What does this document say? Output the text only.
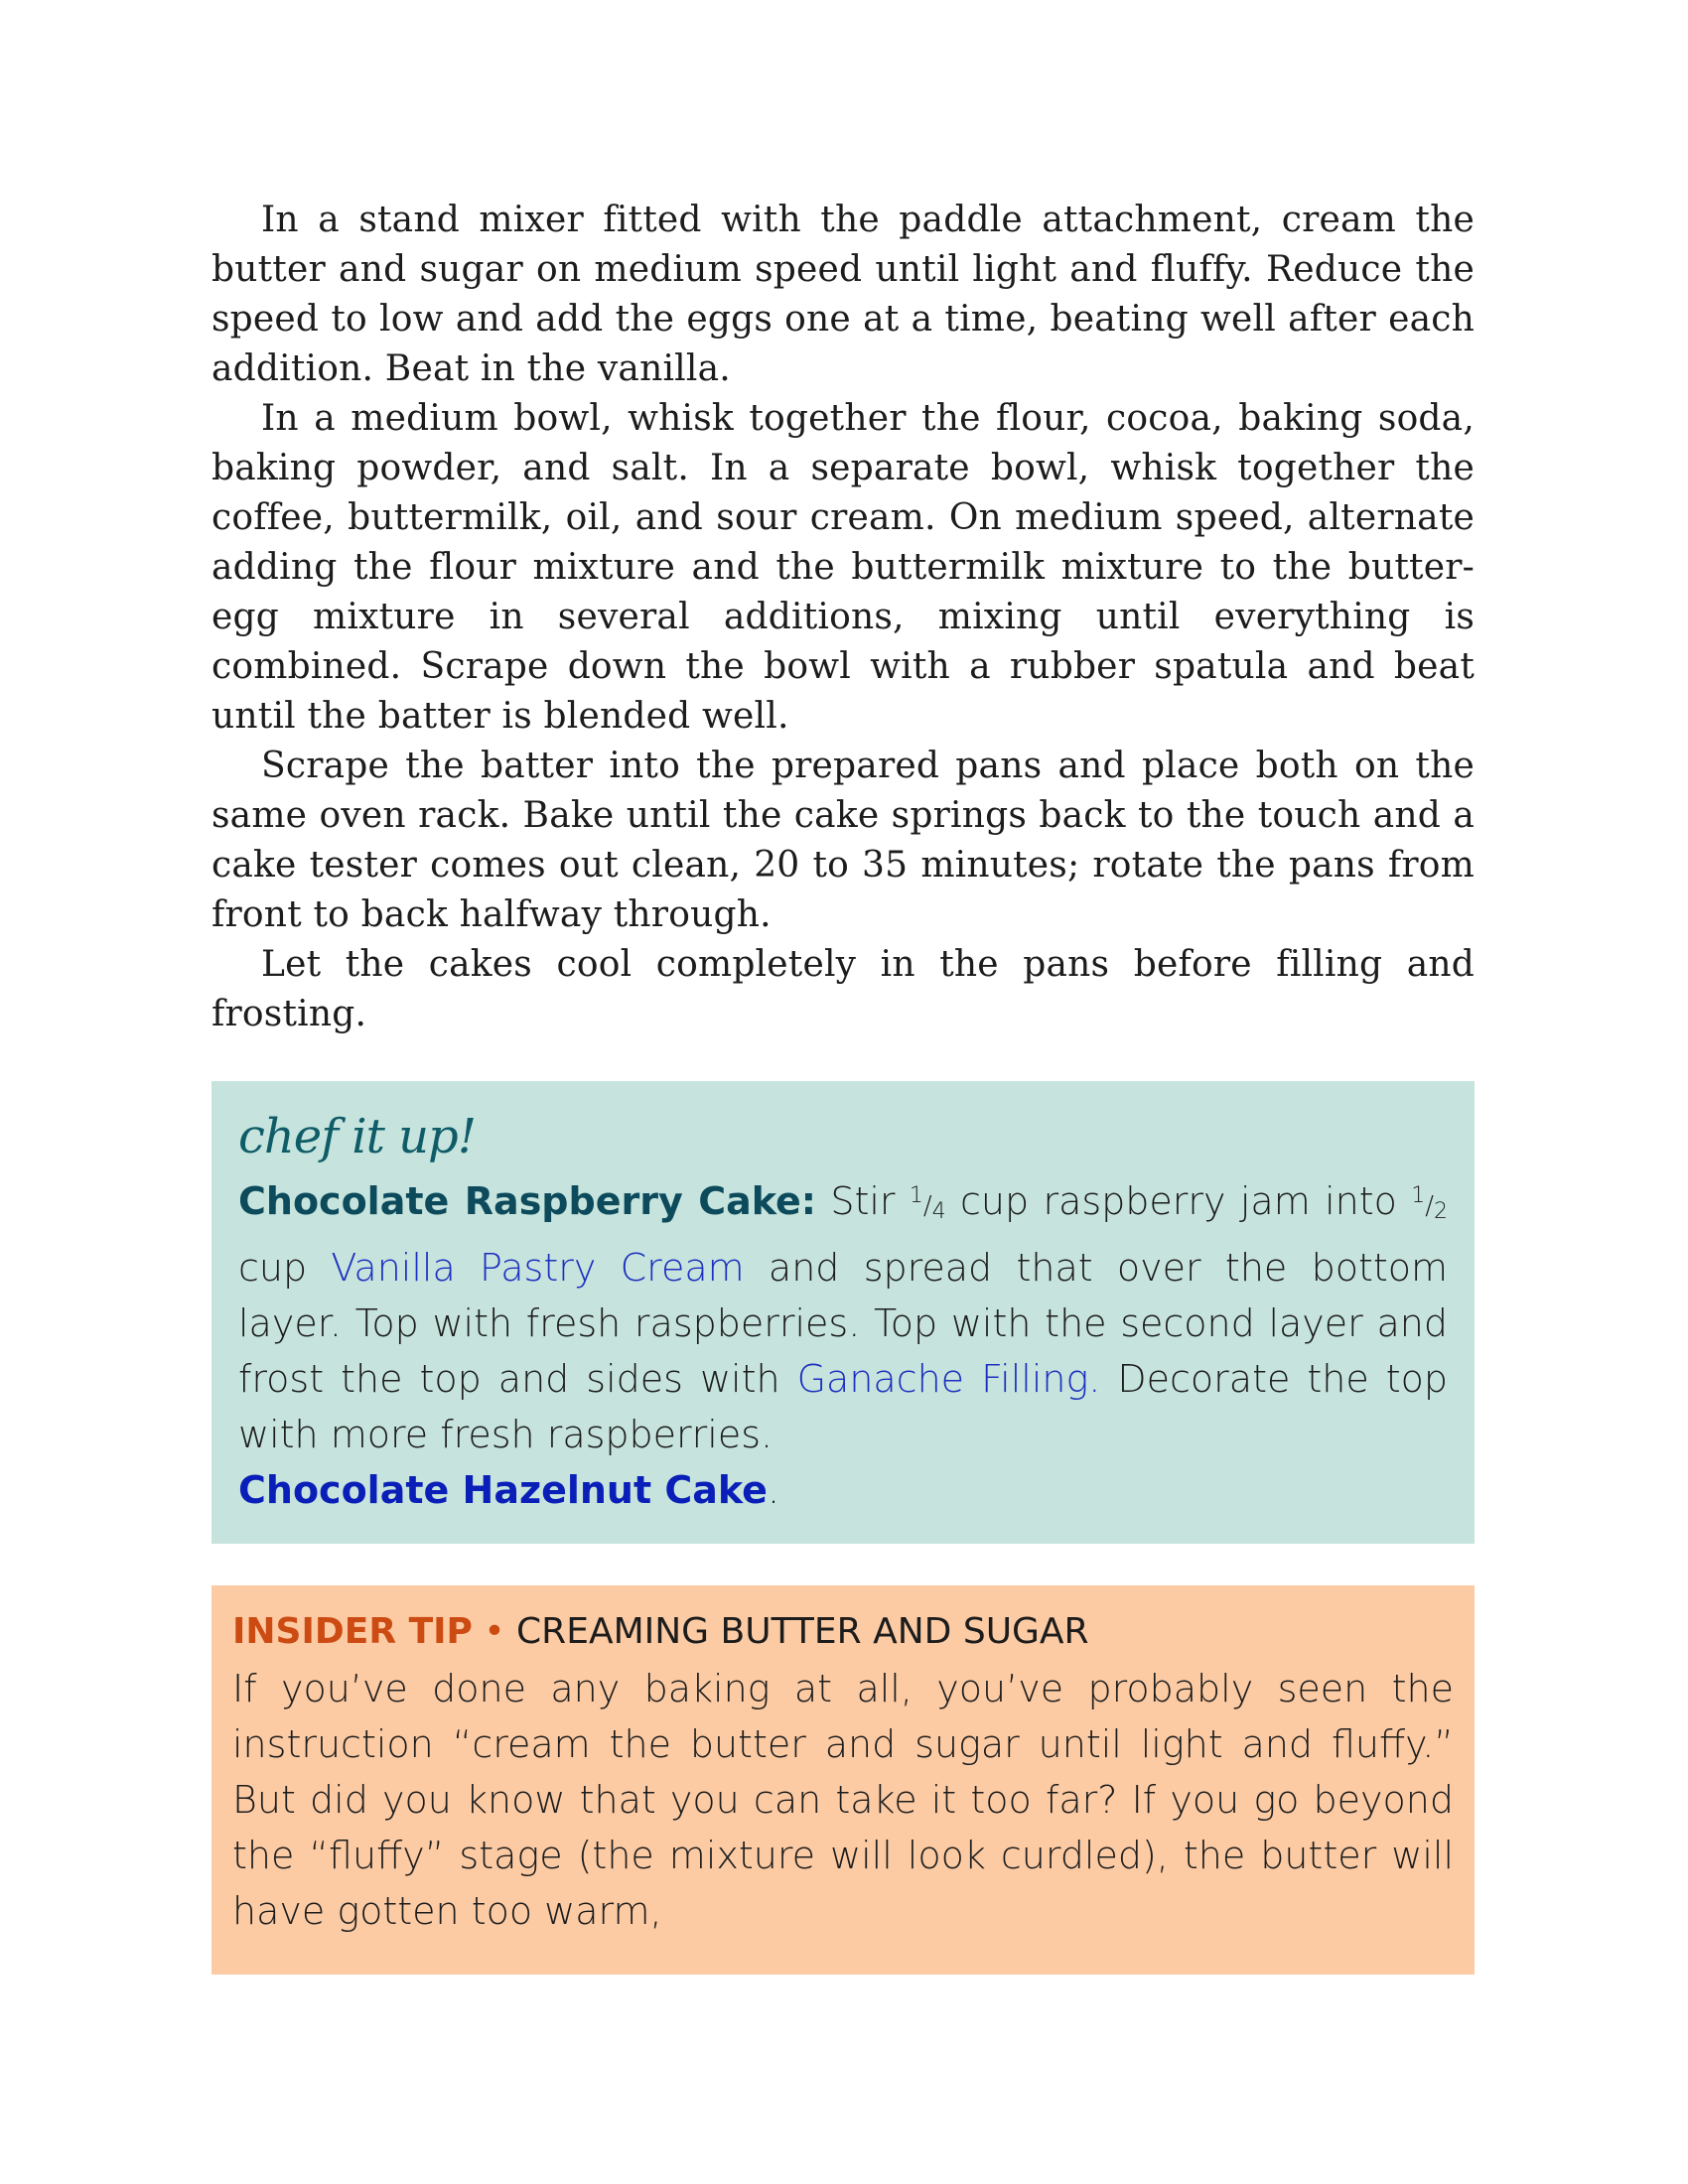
In a stand mixer fitted with the paddle attachment, cream the butter and sugar on medium speed until light and fluffy. Reduce the speed to low and add the eggs one at a time, beating well after each addition. Beat in the vanilla.

In a medium bowl, whisk together the flour, cocoa, baking soda, baking powder, and salt. In a separate bowl, whisk together the coffee, buttermilk, oil, and sour cream. On medium speed, alternate adding the flour mixture and the buttermilk mixture to the butter-egg mixture in several additions, mixing until everything is combined. Scrape down the bowl with a rubber spatula and beat until the batter is blended well.

Scrape the batter into the prepared pans and place both on the same oven rack. Bake until the cake springs back to the touch and a cake tester comes out clean, 20 to 35 minutes; rotate the pans from front to back halfway through.

Let the cakes cool completely in the pans before filling and frosting.

chef it up!

Chocolate Raspberry Cake: Stir $^1/_4$ cup raspberry jam into $^1/_2$ cup Vanilla Pastry Cream and spread that over the bottom layer. Top with fresh raspberries. Top with the second layer and frost the top and sides with Ganache Filling. Decorate the top with more fresh raspberries.

Chocolate Hazelnut Cake.

INSIDER TIP • CREAMING BUTTER AND SUGAR

If you’ve done any baking at all, you’ve probably seen the instruction “cream the butter and sugar until light and fluffy.” But did you know that you can take it too far? If you go beyond the “fluffy” stage (the mixture will look curdled), the butter will have gotten too warm,
